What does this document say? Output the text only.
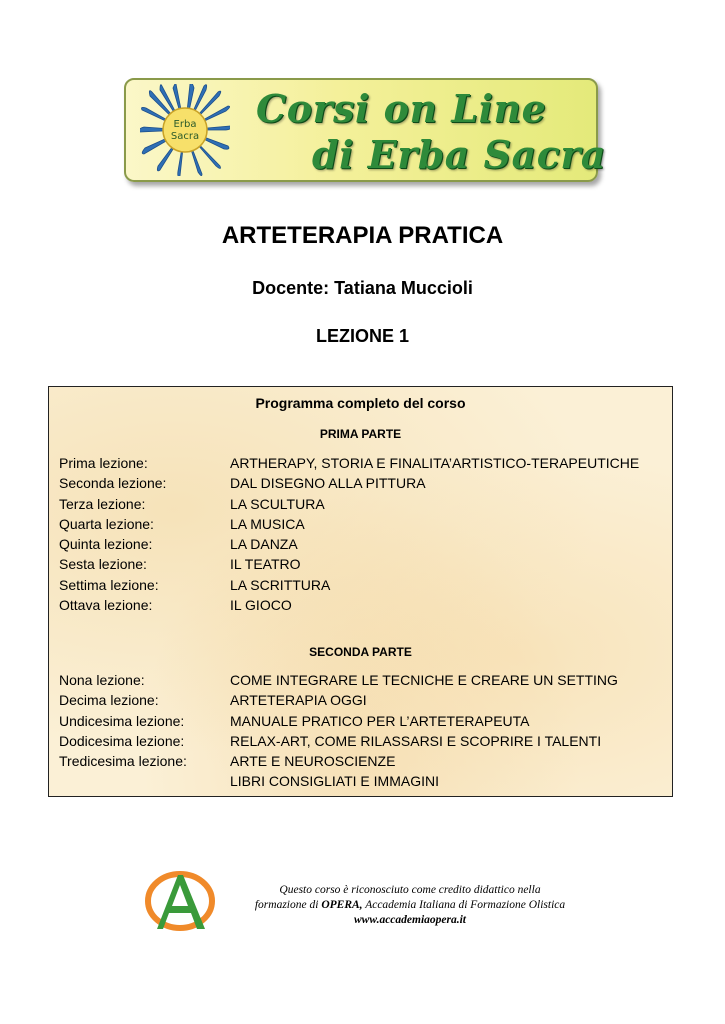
Erba
Sacra
Corsi on Line
di Erba Sacra
ARTETERAPIA PRATICA
Docente: Tatiana Muccioli
LEZIONE 1
Programma completo del corso
PRIMA PARTE
Prima lezione:	ARTHERAPY, STORIA E FINALITA’ARTISTICO-TERAPEUTICHE
Seconda lezione:	DAL DISEGNO ALLA PITTURA
Terza lezione:	LA SCULTURA
Quarta lezione:	LA MUSICA
Quinta lezione:	LA DANZA
Sesta lezione:	IL TEATRO
Settima lezione:	LA SCRITTURA
Ottava lezione:	IL GIOCO
SECONDA PARTE
Nona lezione:	COME INTEGRARE LE TECNICHE E CREARE UN SETTING
Decima lezione:	ARTETERAPIA OGGI
Undicesima lezione:	MANUALE PRATICO PER L’ARTETERAPEUTA
Dodicesima lezione:	RELAX-ART, COME RILASSARSI E SCOPRIRE I TALENTI
Tredicesima lezione:	ARTE E NEUROSCIENZE
LIBRI CONSIGLIATI E IMMAGINI
Questo corso è riconosciuto come credito didattico nella
formazione di OPERA, Accademia Italiana di Formazione Olistica
www.accademiaopera.it
